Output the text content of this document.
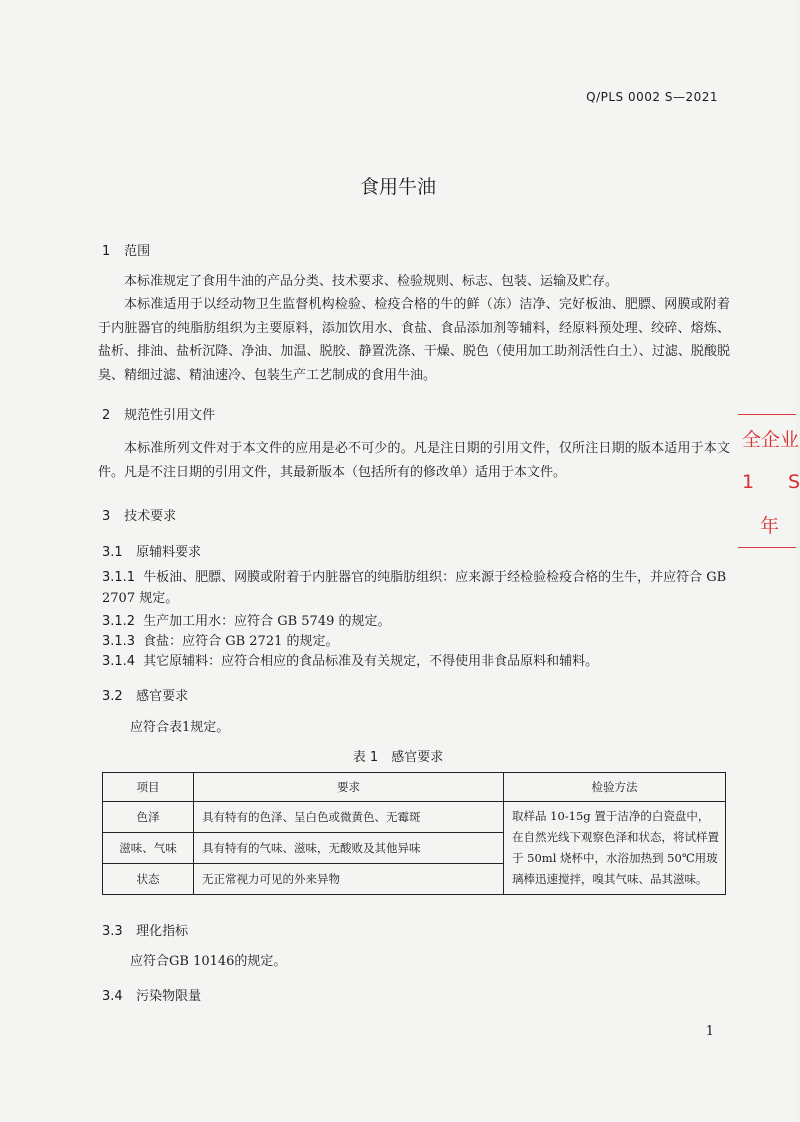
Q/PLS 0002 S—2021
食用牛油
1 范围
本标准规定了食用牛油的产品分类、技术要求、检验规则、标志、包装、运输及贮存。
本标准适用于以经动物卫生监督机构检验、检疫合格的牛的鲜（冻）洁净、完好板油、肥膘、网膜或附着于内脏器官的纯脂肪组织为主要原料，添加饮用水、食盐、食品添加剂等辅料，经原料预处理、绞碎、熔炼、盐析、排油、盐析沉降、净油、加温、脱胶、静置洗涤、干燥、脱色（使用加工助剂活性白土）、过滤、脱酸脱臭、精细过滤、精油速冷、包装生产工艺制成的食用牛油。
2 规范性引用文件
本标准所列文件对于本文件的应用是必不可少的。凡是注日期的引用文件，仅所注日期的版本适用于本文件。凡是不注日期的引用文件，其最新版本（包括所有的修改单）适用于本文件。
3 技术要求
3.1 原辅料要求
3.1.1 牛板油、肥膘、网膜或附着于内脏器官的纯脂肪组织：应来源于经检验检疫合格的生牛，并应符合 GB 2707 规定。
3.1.2 生产加工用水：应符合 GB 5749 的规定。
3.1.3 食盐：应符合 GB 2721 的规定。
3.1.4 其它原辅料：应符合相应的食品标准及有关规定，不得使用非食品原料和辅料。
3.2 感官要求
应符合表1规定。
表 1　感官要求
项目	要求	检验方法
色泽	具有特有的色泽、呈白色或微黄色、无霉斑	取样品 10-15g 置于洁净的白瓷盘中，在自然光线下观察色泽和状态，将试样置于 50ml 烧杯中，水浴加热到 50℃用玻璃棒迅速搅拌，嗅其气味、品其滋味。
滋味、气味	具有特有的气味、滋味，无酸败及其他异味	
状态	无正常视力可见的外来异物	
3.3 理化指标
应符合GB 10146的规定。
3.4 污染物限量
1
全企业
1 S
年
